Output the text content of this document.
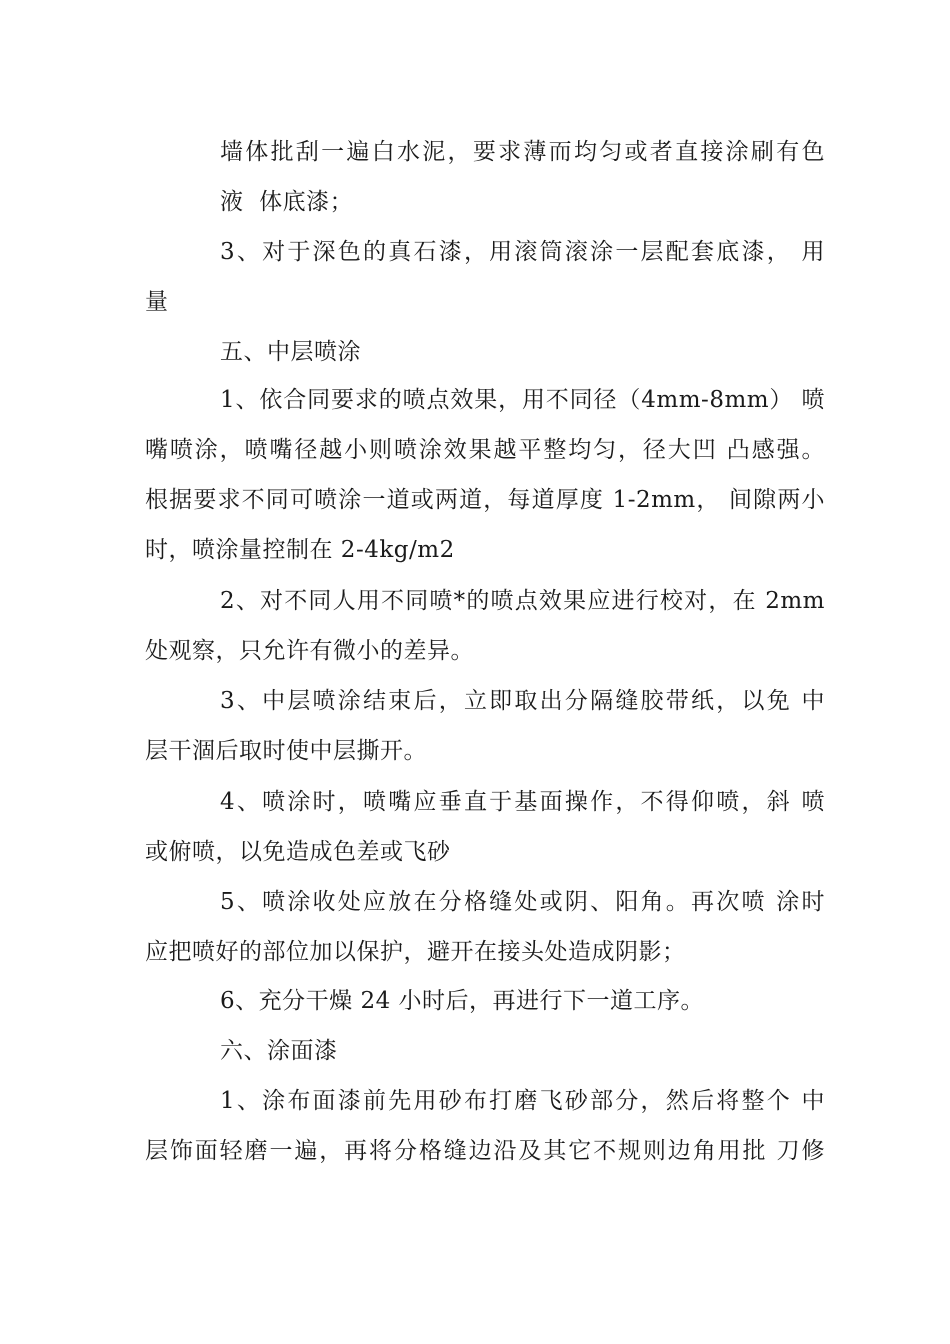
墙体批刮一遍白水泥，要求薄而均匀或者直接涂刷有色
液  体底漆；
3、对于深色的真石漆，用滚筒滚涂一层配套底漆， 用
量
五、中层喷涂
1、依合同要求的喷点效果，用不同径（4mm-8mm） 喷
嘴喷涂，喷嘴径越小则喷涂效果越平整均匀，径大凹 凸感强。
根据要求不同可喷涂一道或两道，每道厚度 1-2mm， 间隙两小
时，喷涂量控制在 2-4kg/m2
2、对不同人用不同喷*的喷点效果应进行校对，在 2mm
处观察，只允许有微小的差异。
3、中层喷涂结束后，立即取出分隔缝胶带纸，以免 中
层干涸后取时使中层撕开。
4、喷涂时，喷嘴应垂直于基面操作，不得仰喷，斜 喷
或俯喷，以免造成色差或飞砂
5、喷涂收处应放在分格缝处或阴、阳角。再次喷 涂时
应把喷好的部位加以保护，避开在接头处造成阴影；
6、充分干燥 24 小时后，再进行下一道工序。
六、涂面漆
1、涂布面漆前先用砂布打磨飞砂部分，然后将整个 中
层饰面轻磨一遍，再将分格缝边沿及其它不规则边角用批 刀修
